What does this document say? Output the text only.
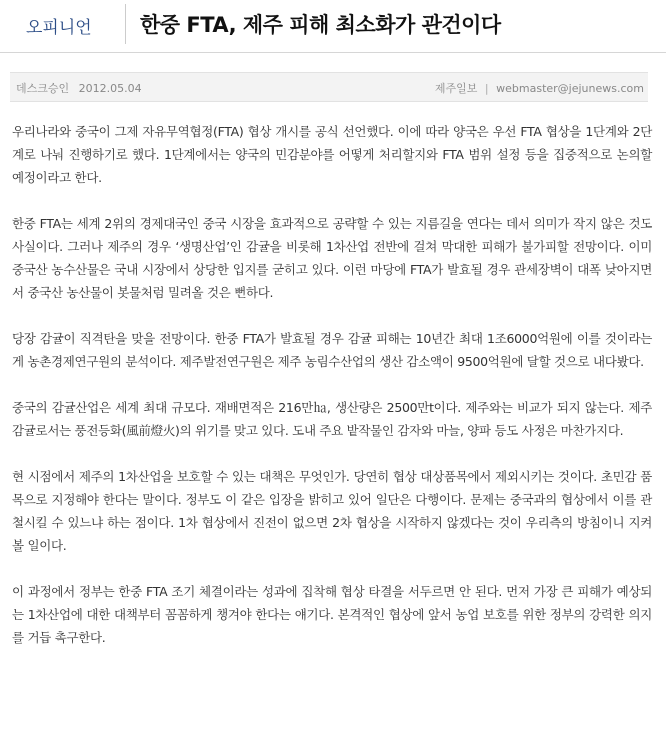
오피니언 한중 FTA, 제주 피해 최소화가 관건이다
데스크승인 2012.05.04	제주일보 | webmaster@jejunews.com

우리나라와 중국이 그제 자유무역협정(FTA) 협상 개시를 공식 선언했다. 이에 따라 양국은 우선 FTA 협상을 1단계와 2단계로 나눠 진행하기로 했다. 1단계에서는 양국의 민감분야를 어떻게 처리할지와 FTA 범위 설정 등을 집중적으로 논의할 예정이라고 한다.

한중 FTA는 세계 2위의 경제대국인 중국 시장을 효과적으로 공략할 수 있는 지름길을 연다는 데서 의미가 작지 않은 것도 사실이다. 그러나 제주의 경우 ‘생명산업’인 감귤을 비롯해 1차산업 전반에 걸쳐 막대한 피해가 불가피할 전망이다. 이미 중국산 농수산물은 국내 시장에서 상당한 입지를 굳히고 있다. 이런 마당에 FTA가 발효될 경우 관세장벽이 대폭 낮아지면서 중국산 농산물이 봇물처럼 밀려올 것은 뻔하다.

당장 감귤이 직격탄을 맞을 전망이다. 한중 FTA가 발효될 경우 감귤 피해는 10년간 최대 1조6000억원에 이를 것이라는 게 농촌경제연구원의 분석이다. 제주발전연구원은 제주 농림수산업의 생산 감소액이 9500억원에 달할 것으로 내다봤다.

중국의 감귤산업은 세계 최대 규모다. 재배면적은 216만㏊, 생산량은 2500만t이다. 제주와는 비교가 되지 않는다. 제주 감귤로서는 풍전등화(風前燈火)의 위기를 맞고 있다. 도내 주요 밭작물인 감자와 마늘, 양파 등도 사정은 마찬가지다.

현 시점에서 제주의 1차산업을 보호할 수 있는 대책은 무엇인가. 당연히 협상 대상품목에서 제외시키는 것이다. 초민감 품목으로 지정해야 한다는 말이다. 정부도 이 같은 입장을 밝히고 있어 일단은 다행이다. 문제는 중국과의 협상에서 이를 관철시킬 수 있느냐 하는 점이다. 1차 협상에서 진전이 없으면 2차 협상을 시작하지 않겠다는 것이 우리측의 방침이니 지켜볼 일이다.

이 과정에서 정부는 한중 FTA 조기 체결이라는 성과에 집착해 협상 타결을 서두르면 안 된다. 먼저 가장 큰 피해가 예상되는 1차산업에 대한 대책부터 꼼꼼하게 챙겨야 한다는 얘기다. 본격적인 협상에 앞서 농업 보호를 위한 정부의 강력한 의지를 거듭 촉구한다.
